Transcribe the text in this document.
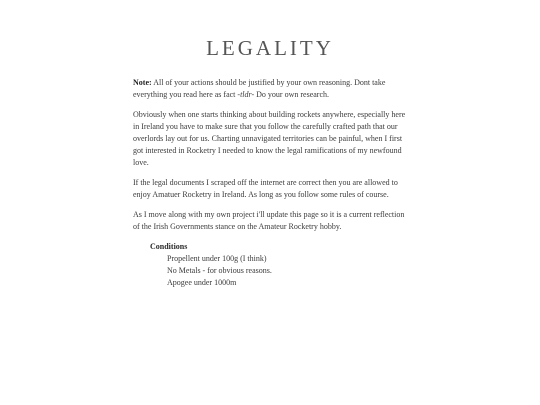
LEGALITY

Note: All of your actions should be justified by your own reasoning. Dont take everything you read here as fact -tldr- Do your own research.

Obviously when one starts thinking about building rockets anywhere, especially here in Ireland you have to make sure that you follow the carefully crafted path that our overlords lay out for us. Charting unnavigated territories can be painful, when I first got interested in Rocketry I needed to know the legal ramifications of my newfound love.

If the legal documents I scraped off the internet are correct then you are allowed to enjoy Amatuer Rocketry in Ireland. As long as you follow some rules of course.

As I move along with my own project i'll update this page so it is a current reflection of the Irish Governments stance on the Amateur Rocketry hobby.

Conditions
Propellent under 100g (I think)
No Metals - for obvious reasons.
Apogee under 1000m
